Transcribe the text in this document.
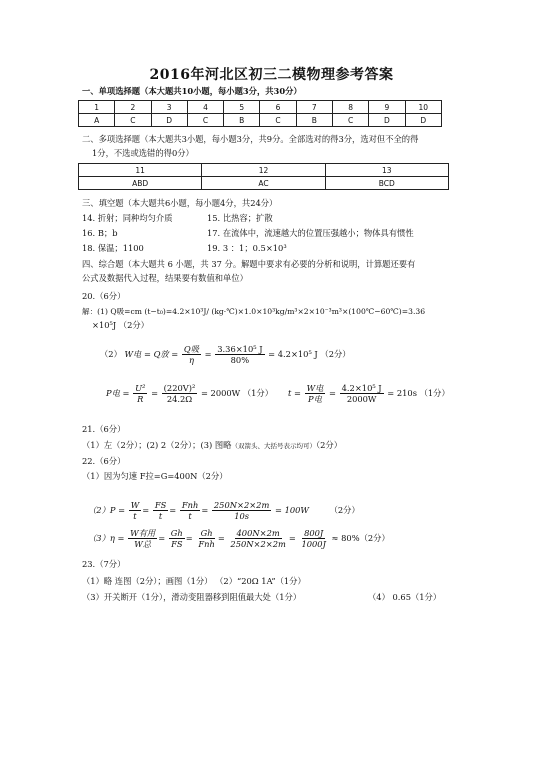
2016年河北区初三二模物理参考答案
一、单项选择题（本大题共10小题，每小题3分，共30分）
1	2	3	4	5	6	7	8	9	10
A	C	D	C	B	C	B	C	D	D
二、多项选择题（本大题共3小题，每小题3分，共9分。全部选对的得3分，选对但不全的得
1分，不选或选错的得0分）
11	12	13
ABD	AC	BCD
三、填空题（本大题共6小题，每小题4分，共24分）
14. 折射；同种均匀介质	15. 比热容；扩散
16. B；b	17. 在流体中，流速越大的位置压强越小；物体具有惯性
18. 保温；1100	19. 3 ：1；0.5×10³
四、综合题（本大题共 6 小题，共 37 分。解题中要求有必要的分析和说明，计算题还要有
公式及数据代入过程，结果要有数值和单位）
20.（6分）
解：(1) Q吸=cm (t−t₀)=4.2×10³J/ (kg·℃)×1.0×10³kg/m³×2×10⁻³m³×(100℃−60℃)=3.36
×10⁵J （2分）
（2） W电 = Q放 = $\frac{\text{Q吸}}{\eta} = \frac{\text{3.36×10⁵ J}}{80\%} = 4.2\times 10^5$ J （2分）
P电 = $\frac{\text{U²}}{R} = \frac{\text{(220V)²}}{24.2\Omega} = 2000W$ （1分） $t = \frac{\text{W电}}{\text{P电}} = \frac{\text{4.2×10⁵ J}}{2000W} = 210s$ （1分）
21.（6分）
（1）左（2分）；(2) 2（2分）；(3) 图略（双箭头、大括号表示均可）（2分）
22.（6分）
（1）因为匀速 F拉=G=400N（2分）
$(2)P = \frac{W}{t} = \frac{FS}{t} = \frac{\text{Fnh}}{t} = \frac{250N\times 2\times 2m}{10s} = 100W$ （2分）
$(3)\eta = \frac{\text{W有用}}{\text{W总}} = \frac{Gh}{FS} = \frac{Gh}{\text{Fnh}} = \frac{400N\times 2m}{250N\times 2\times 2m} = \frac{800J}{1000J} \approx 80\%(2$分）
23.（7分）
（1）略 连图（2分）；画图（1分） （2）“20Ω 1A”（1分）
（3）开关断开（1分），滑动变阻器移到阻值最大处（1分）	（4） 0.65（1分）
